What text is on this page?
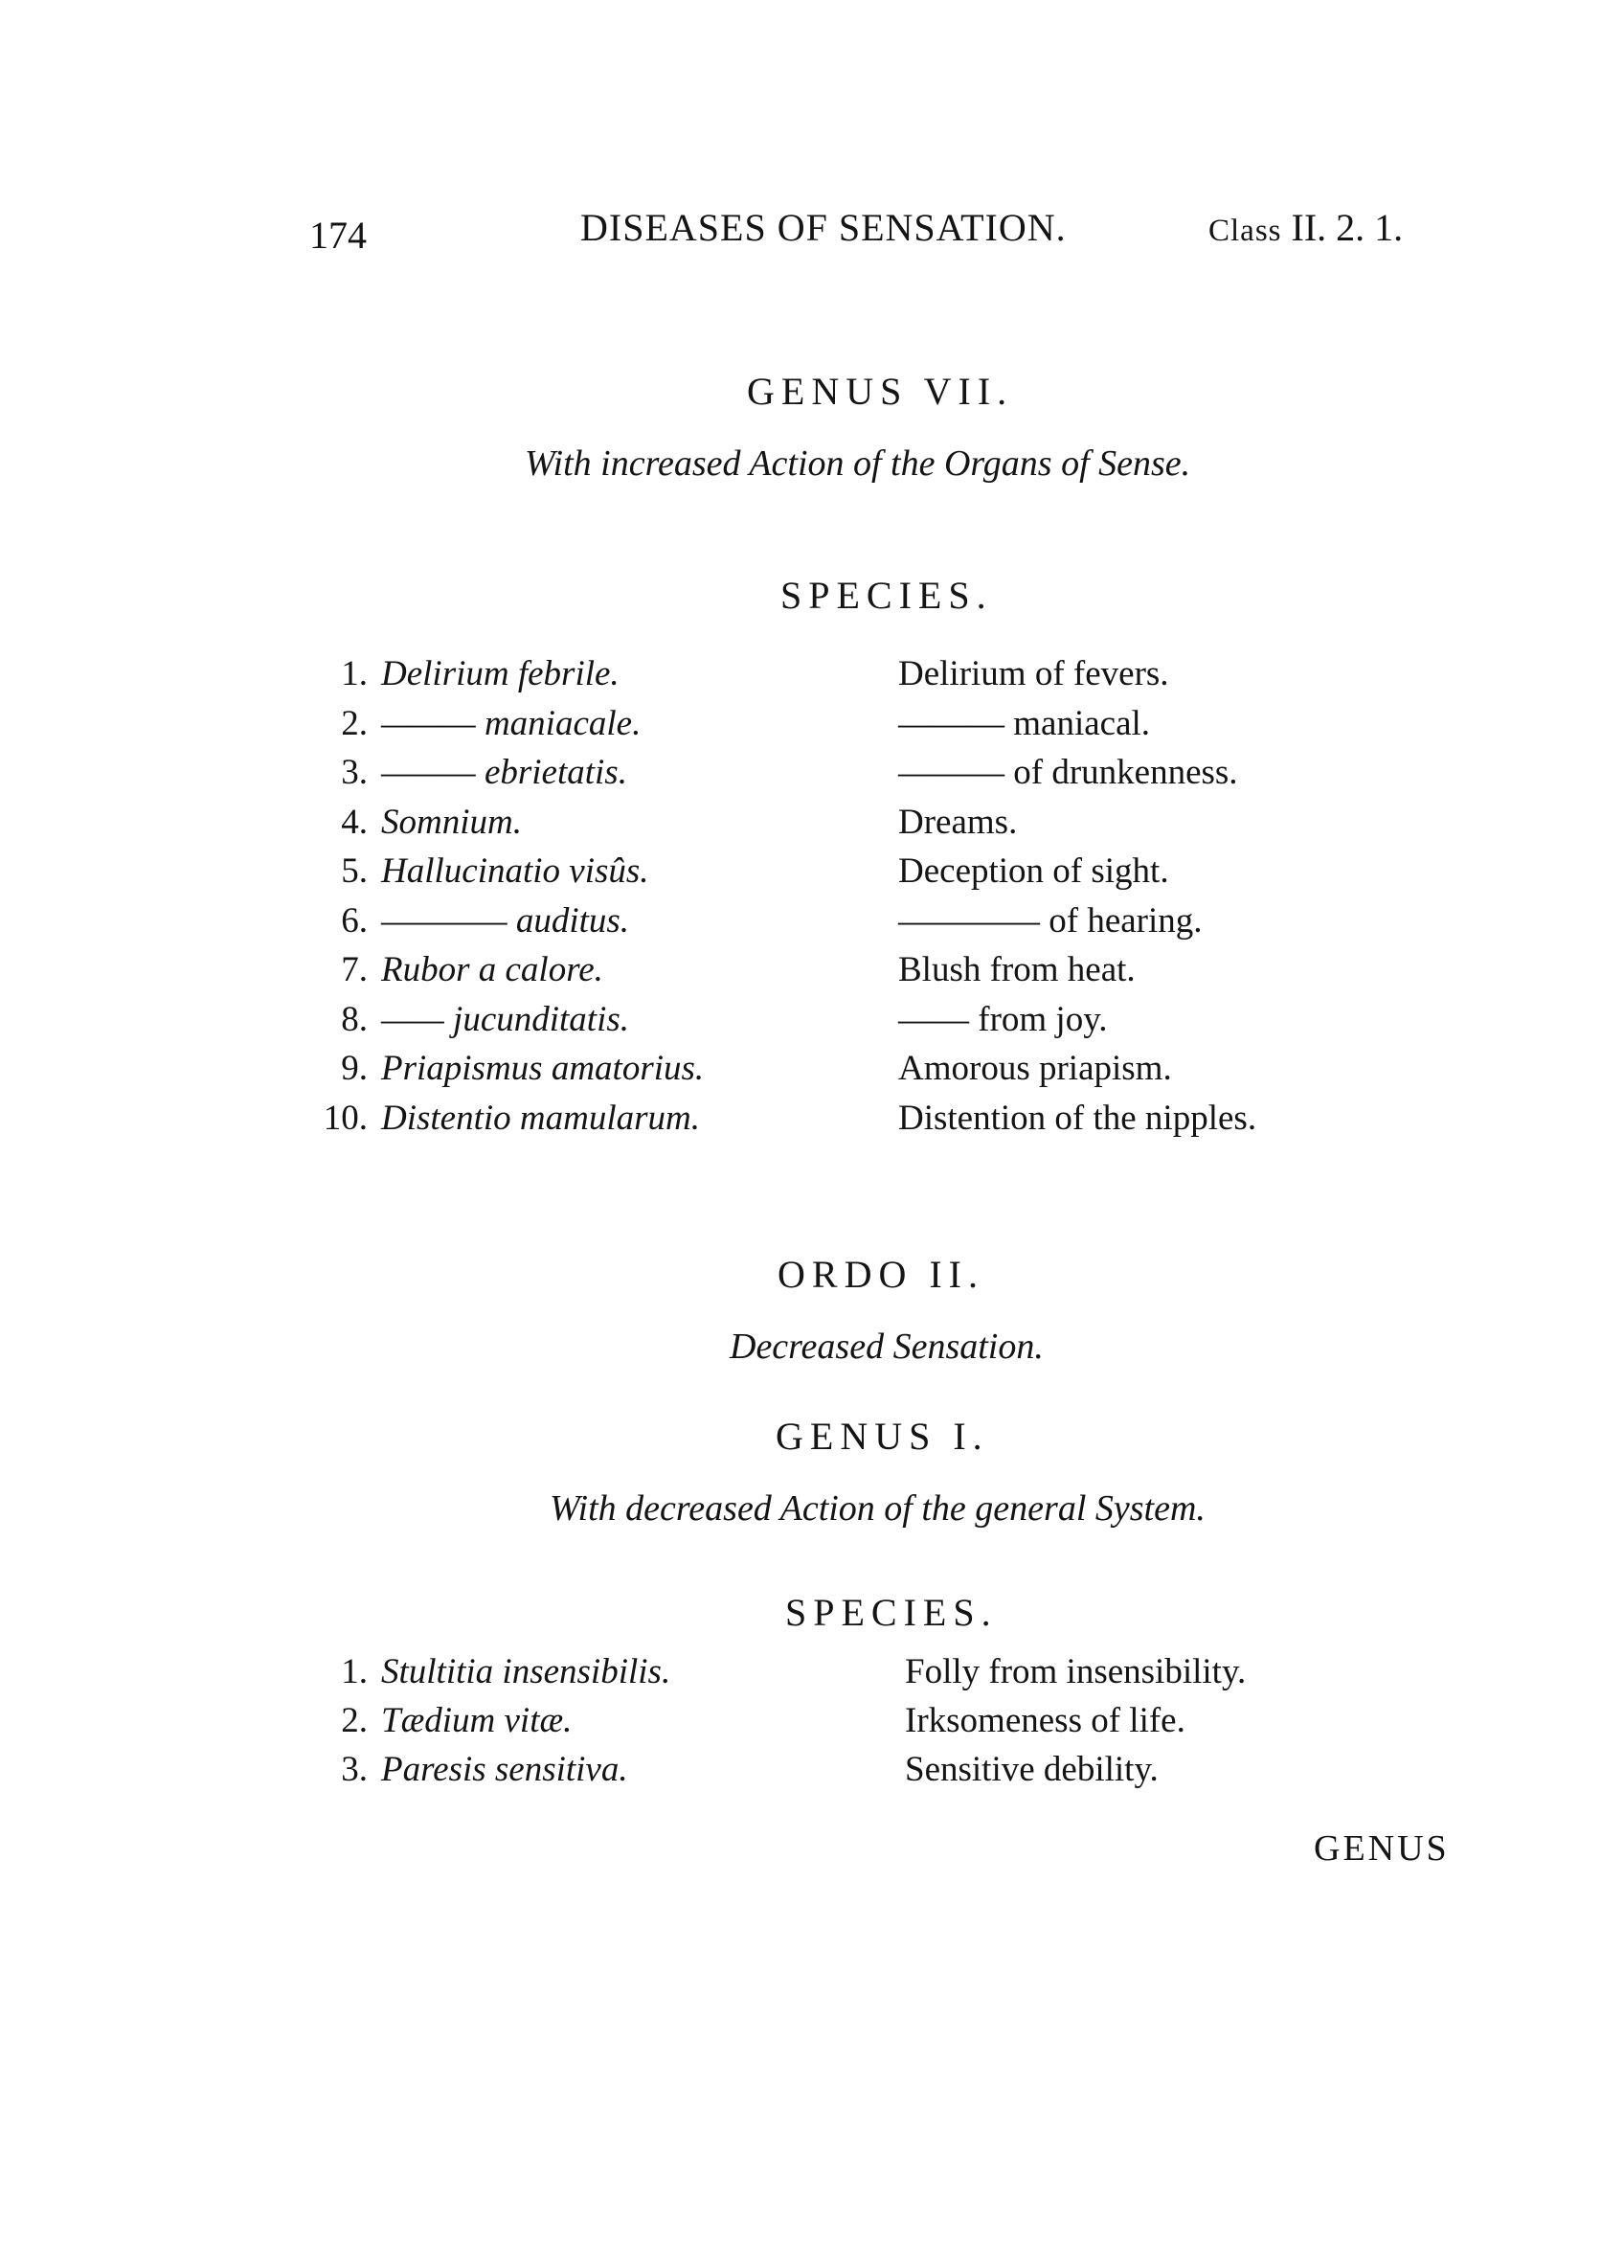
174	DISEASES OF SENSATION.	Class II. 2. 1.
GENUS VII.
With increased Action of the Organs of Sense.
SPECIES.
1. Delirium febrile.	Delirium of fevers.
2. ——— maniacale.	——— maniacal.
3. ——— ebrietatis.	——— of drunkenness.
4. Somnium.	Dreams.
5. Hallucinatio visûs.	Deception of sight.
6. ———— auditus.	———— of hearing.
7. Rubor a calore.	Blush from heat.
8. —— jucunditatis.	—— from joy.
9. Priapismus amatorius.	Amorous priapism.
10. Distentio mamularum.	Distention of the nipples.
ORDO II.
Decreased Sensation.
GENUS I.
With decreased Action of the general System.
SPECIES.
1. Stultitia insensibilis.	Folly from insensibility.
2. Tædium vitæ.	Irksomeness of life.
3. Paresis sensitiva.	Sensitive debility.
GENUS
